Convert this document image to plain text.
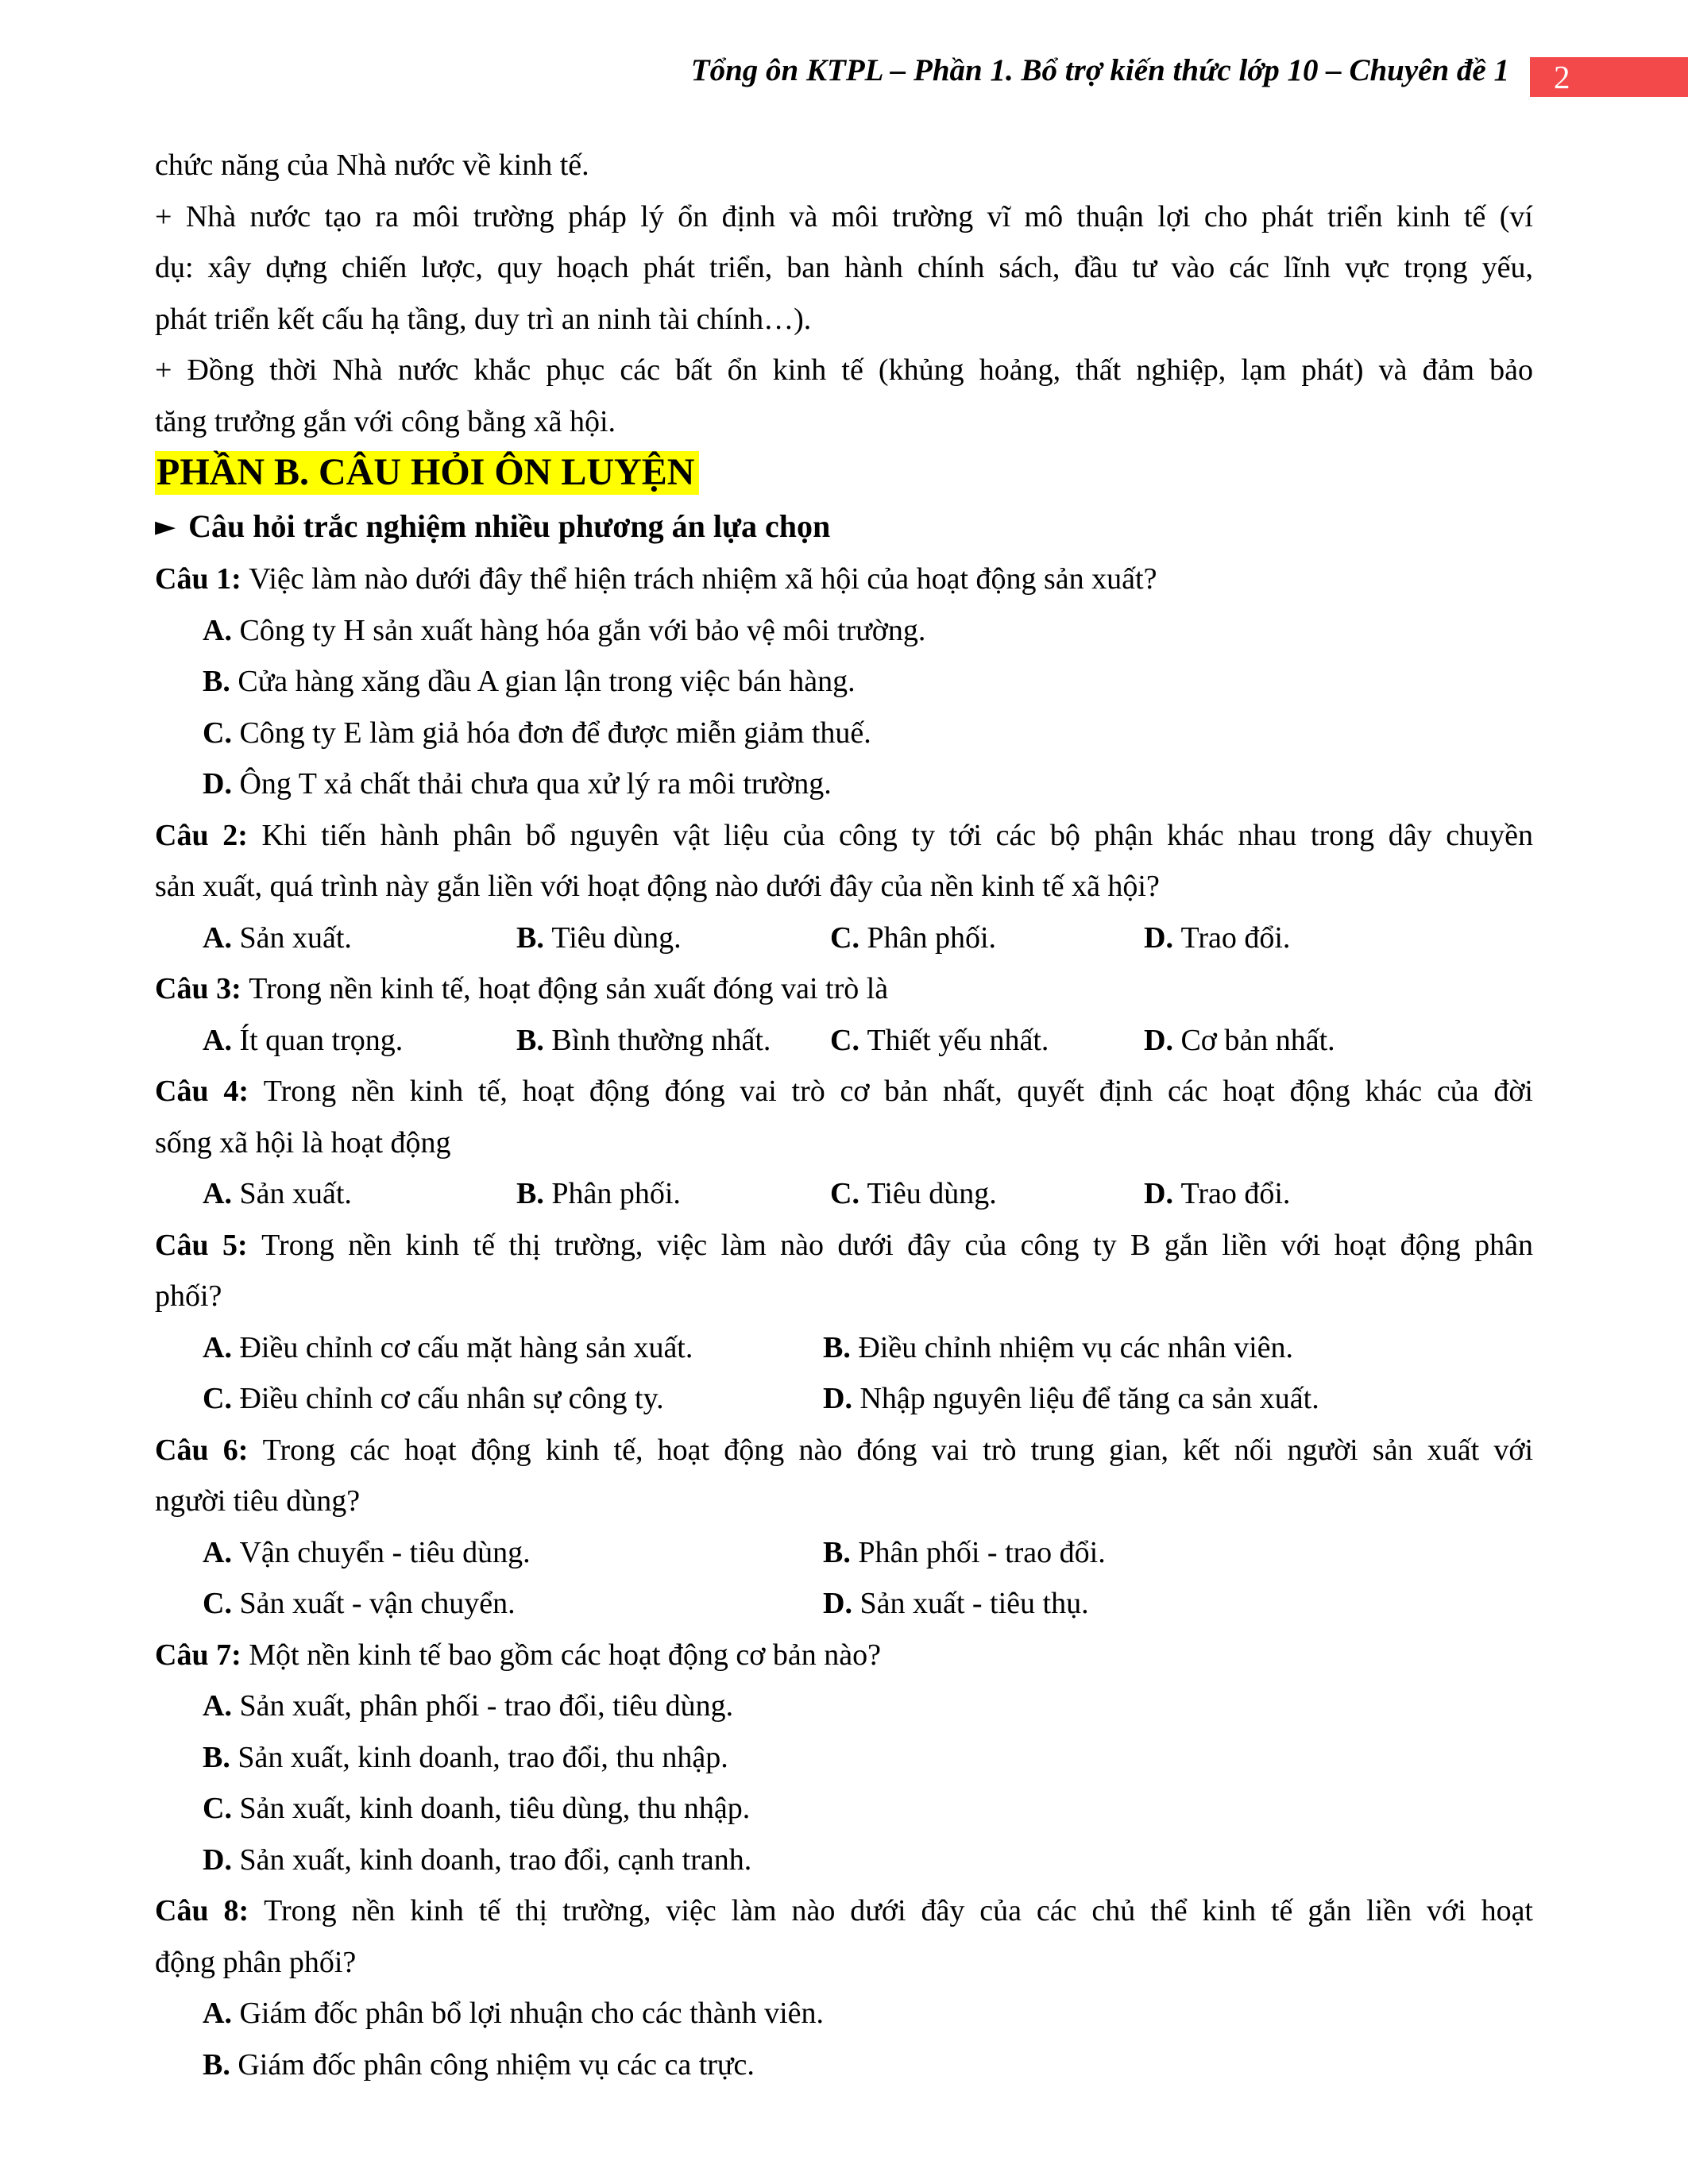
Tổng ôn KTPL – Phần 1. Bổ trợ kiến thức lớp 10 – Chuyên đề 1	2
chức năng của Nhà nước về kinh tế.
+ Nhà nước tạo ra môi trường pháp lý ổn định và môi trường vĩ mô thuận lợi cho phát triển kinh tế (ví
dụ: xây dựng chiến lược, quy hoạch phát triển, ban hành chính sách, đầu tư vào các lĩnh vực trọng yếu,
phát triển kết cấu hạ tầng, duy trì an ninh tài chính…).
+ Đồng thời Nhà nước khắc phục các bất ổn kinh tế (khủng hoảng, thất nghiệp, lạm phát) và đảm bảo
tăng trưởng gắn với công bằng xã hội.
PHẦN B. CÂU HỎI ÔN LUYỆN
► Câu hỏi trắc nghiệm nhiều phương án lựa chọn
Câu 1: Việc làm nào dưới đây thể hiện trách nhiệm xã hội của hoạt động sản xuất?
A. Công ty H sản xuất hàng hóa gắn với bảo vệ môi trường.
B. Cửa hàng xăng dầu A gian lận trong việc bán hàng.
C. Công ty E làm giả hóa đơn để được miễn giảm thuế.
D. Ông T xả chất thải chưa qua xử lý ra môi trường.
Câu 2: Khi tiến hành phân bổ nguyên vật liệu của công ty tới các bộ phận khác nhau trong dây chuyền
sản xuất, quá trình này gắn liền với hoạt động nào dưới đây của nền kinh tế xã hội?
A. Sản xuất.	B. Tiêu dùng.	C. Phân phối.	D. Trao đổi.
Câu 3: Trong nền kinh tế, hoạt động sản xuất đóng vai trò là
A. Ít quan trọng.	B. Bình thường nhất.	C. Thiết yếu nhất.	D. Cơ bản nhất.
Câu 4: Trong nền kinh tế, hoạt động đóng vai trò cơ bản nhất, quyết định các hoạt động khác của đời
sống xã hội là hoạt động
A. Sản xuất.	B. Phân phối.	C. Tiêu dùng.	D. Trao đổi.
Câu 5: Trong nền kinh tế thị trường, việc làm nào dưới đây của công ty B gắn liền với hoạt động phân
phối?
A. Điều chỉnh cơ cấu mặt hàng sản xuất.	B. Điều chỉnh nhiệm vụ các nhân viên.
C. Điều chỉnh cơ cấu nhân sự công ty.	D. Nhập nguyên liệu để tăng ca sản xuất.
Câu 6: Trong các hoạt động kinh tế, hoạt động nào đóng vai trò trung gian, kết nối người sản xuất với
người tiêu dùng?
A. Vận chuyển - tiêu dùng.	B. Phân phối - trao đổi.
C. Sản xuất - vận chuyển.	D. Sản xuất - tiêu thụ.
Câu 7: Một nền kinh tế bao gồm các hoạt động cơ bản nào?
A. Sản xuất, phân phối - trao đổi, tiêu dùng.
B. Sản xuất, kinh doanh, trao đổi, thu nhập.
C. Sản xuất, kinh doanh, tiêu dùng, thu nhập.
D. Sản xuất, kinh doanh, trao đổi, cạnh tranh.
Câu 8: Trong nền kinh tế thị trường, việc làm nào dưới đây của các chủ thể kinh tế gắn liền với hoạt
động phân phối?
A. Giám đốc phân bổ lợi nhuận cho các thành viên.
B. Giám đốc phân công nhiệm vụ các ca trực.
